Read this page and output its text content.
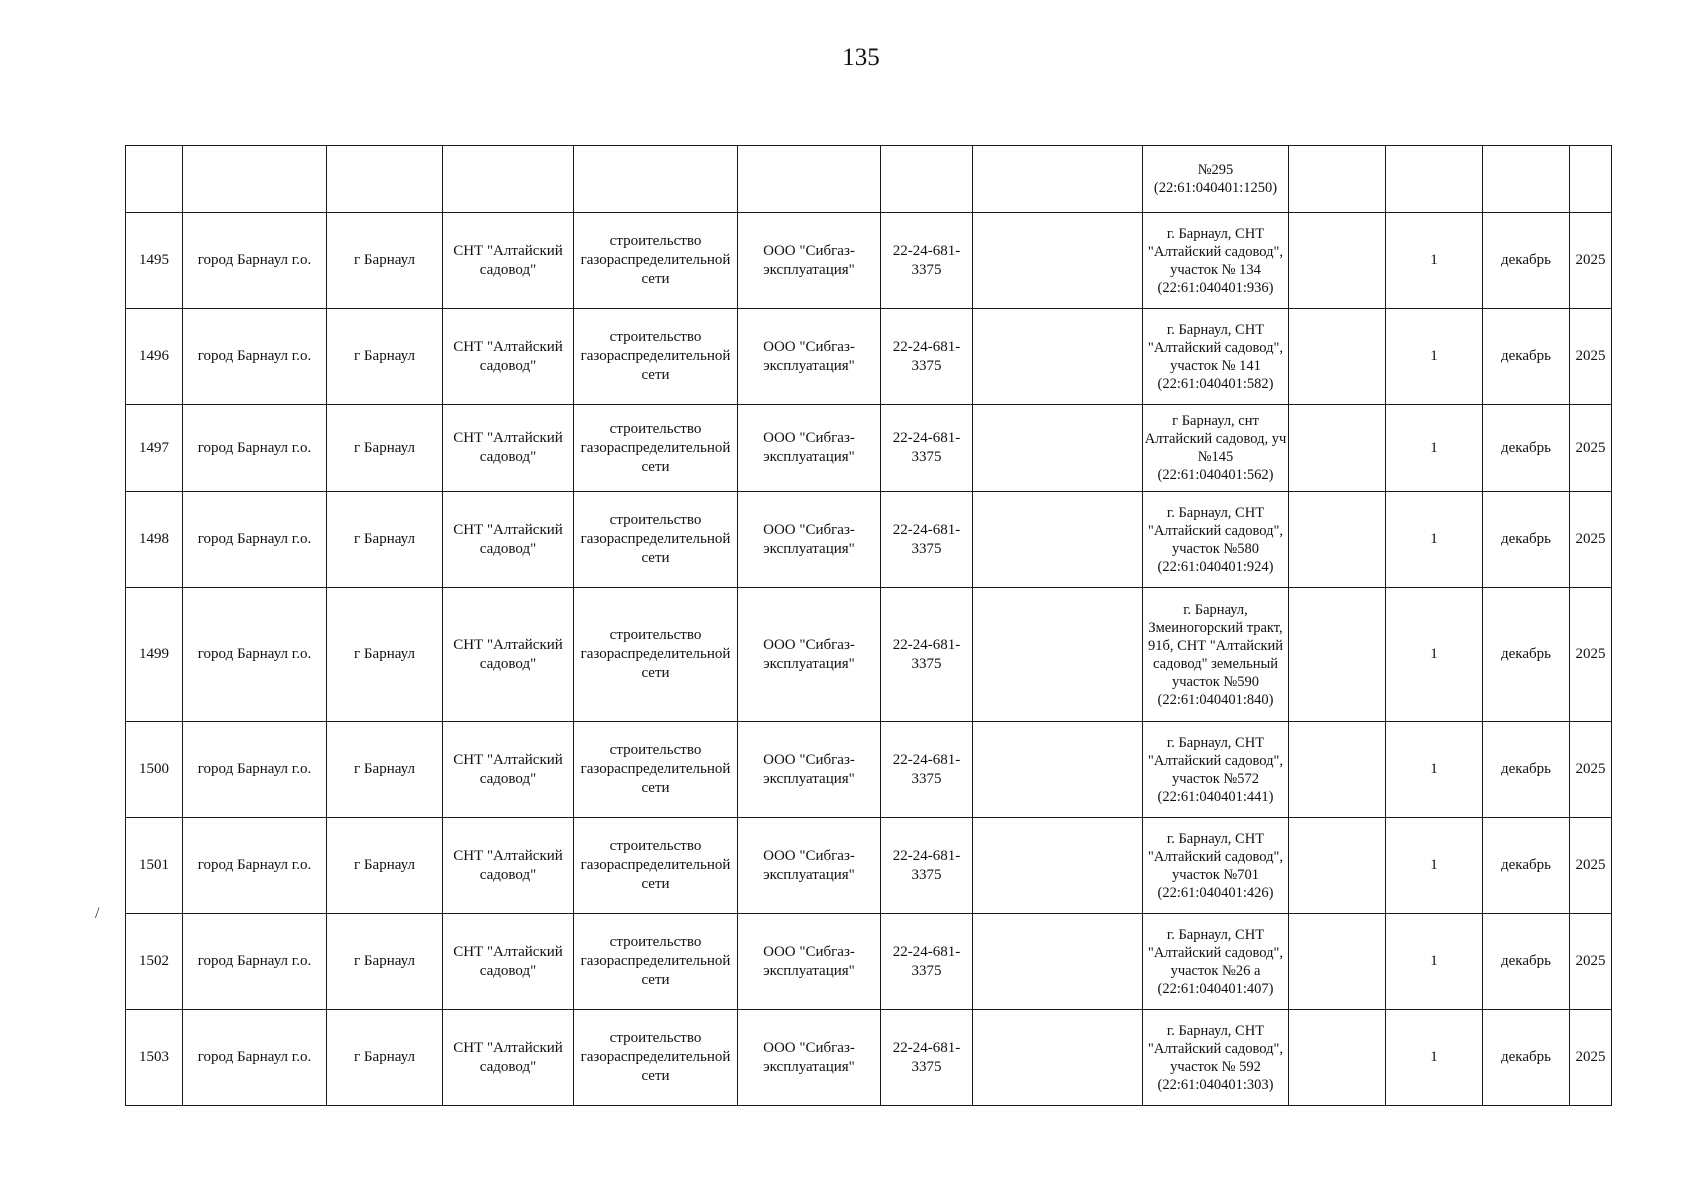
135
/
								№295 (22:61:040401:1250)				
1495	город Барнаул г.о.	г Барнаул	СНТ "Алтайский садовод"	строительство газораспределительной сети	ООО "Сибгаз-эксплуатация"	22-24-681-3375		г. Барнаул, СНТ "Алтайский садовод", участок № 134 (22:61:040401:936)		1	декабрь	2025
1496	город Барнаул г.о.	г Барнаул	СНТ "Алтайский садовод"	строительство газораспределительной сети	ООО "Сибгаз-эксплуатация"	22-24-681-3375		г. Барнаул, СНТ "Алтайский садовод", участок № 141 (22:61:040401:582)		1	декабрь	2025
1497	город Барнаул г.о.	г Барнаул	СНТ "Алтайский садовод"	строительство газораспределительной сети	ООО "Сибгаз-эксплуатация"	22-24-681-3375		г Барнаул, снт Алтайский садовод, уч №145 (22:61:040401:562)		1	декабрь	2025
1498	город Барнаул г.о.	г Барнаул	СНТ "Алтайский садовод"	строительство газораспределительной сети	ООО "Сибгаз-эксплуатация"	22-24-681-3375		г. Барнаул, СНТ "Алтайский садовод", участок №580 (22:61:040401:924)		1	декабрь	2025
1499	город Барнаул г.о.	г Барнаул	СНТ "Алтайский садовод"	строительство газораспределительной сети	ООО "Сибгаз-эксплуатация"	22-24-681-3375		г. Барнаул, Змеиногорский тракт, 91б, СНТ "Алтайский садовод" земельный участок №590 (22:61:040401:840)		1	декабрь	2025
1500	город Барнаул г.о.	г Барнаул	СНТ "Алтайский садовод"	строительство газораспределительной сети	ООО "Сибгаз-эксплуатация"	22-24-681-3375		г. Барнаул, СНТ "Алтайский садовод", участок №572 (22:61:040401:441)		1	декабрь	2025
1501	город Барнаул г.о.	г Барнаул	СНТ "Алтайский садовод"	строительство газораспределительной сети	ООО "Сибгаз-эксплуатация"	22-24-681-3375		г. Барнаул, СНТ "Алтайский садовод", участок №701 (22:61:040401:426)		1	декабрь	2025
1502	город Барнаул г.о.	г Барнаул	СНТ "Алтайский садовод"	строительство газораспределительной сети	ООО "Сибгаз-эксплуатация"	22-24-681-3375		г. Барнаул, СНТ "Алтайский садовод", участок №26 а (22:61:040401:407)		1	декабрь	2025
1503	город Барнаул г.о.	г Барнаул	СНТ "Алтайский садовод"	строительство газораспределительной сети	ООО "Сибгаз-эксплуатация"	22-24-681-3375		г. Барнаул, СНТ "Алтайский садовод", участок № 592 (22:61:040401:303)		1	декабрь	2025
